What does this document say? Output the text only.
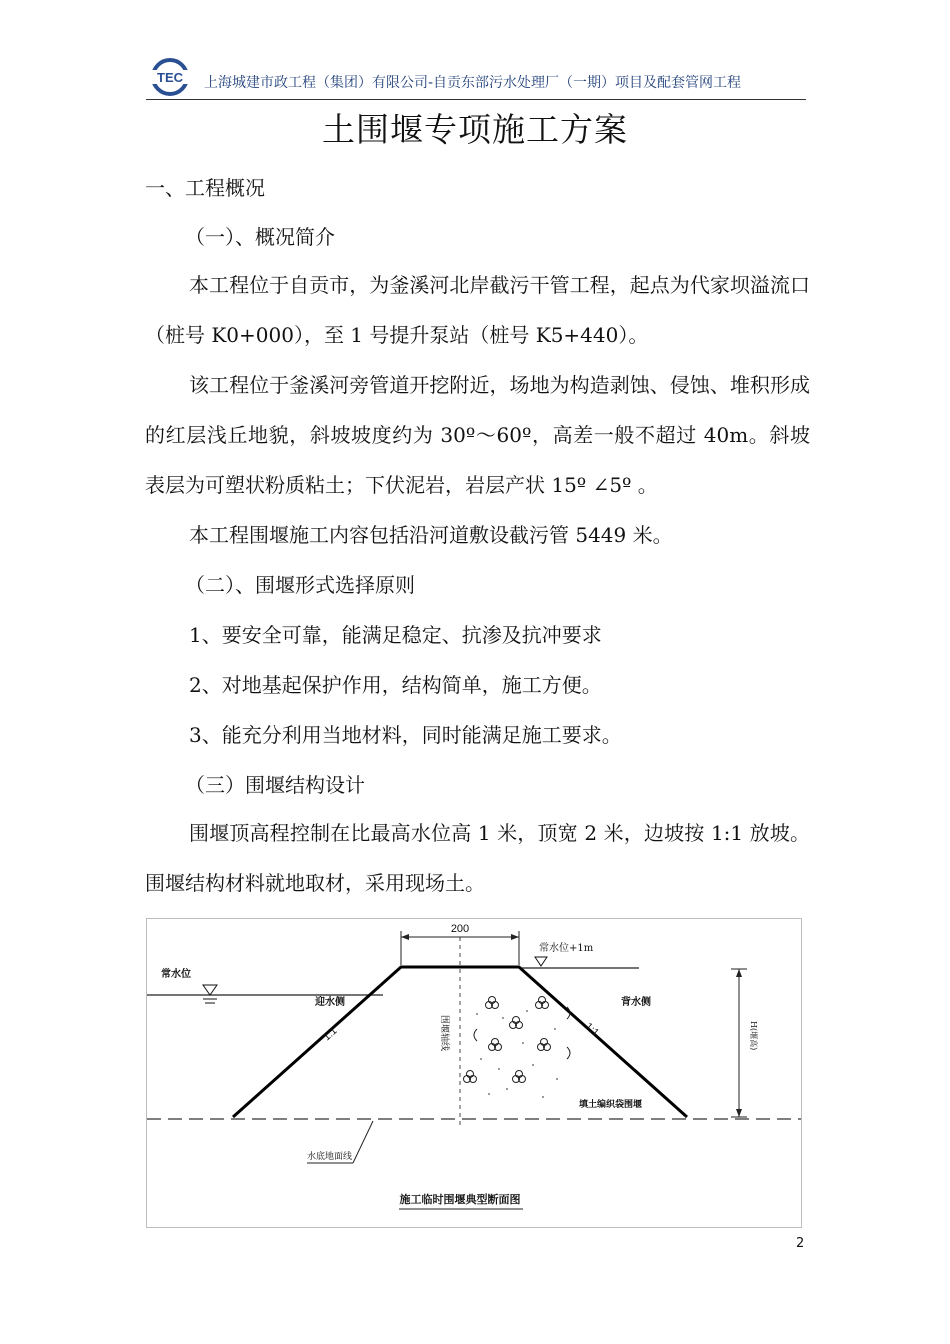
TEC 上海城建市政工程（集团）有限公司-自贡东部污水处理厂（一期）项目及配套管网工程
土围堰专项施工方案
一、工程概况
（一）、概况简介
本工程位于自贡市，为釜溪河北岸截污干管工程，起点为代家坝溢流口（桩号 K0+000），至 1 号提升泵站（桩号 K5+440）。
该工程位于釜溪河旁管道开挖附近，场地为构造剥蚀、侵蚀、堆积形成的红层浅丘地貌，斜坡坡度约为 30º～60º，高差一般不超过 40m。斜坡表层为可塑状粉质粘土；下伏泥岩，岩层产状 15º ∠5º 。
本工程围堰施工内容包括沿河道敷设截污管 5449 米。
（二）、围堰形式选择原则
1、要安全可靠，能满足稳定、抗渗及抗冲要求
2、对地基起保护作用，结构简单，施工方便。
3、能充分利用当地材料，同时能满足施工要求。
（三）围堰结构设计
围堰顶高程控制在比最高水位高 1 米，顶宽 2 米，边坡按 1:1 放坡。围堰结构材料就地取材，采用现场土。
200
常水位
常水位+1m
迎水侧	背水侧
1:1	1:1
围堰轴线
填土编织袋围堰
H(堰高)
水底地面线
施工临时围堰典型断面图
2
